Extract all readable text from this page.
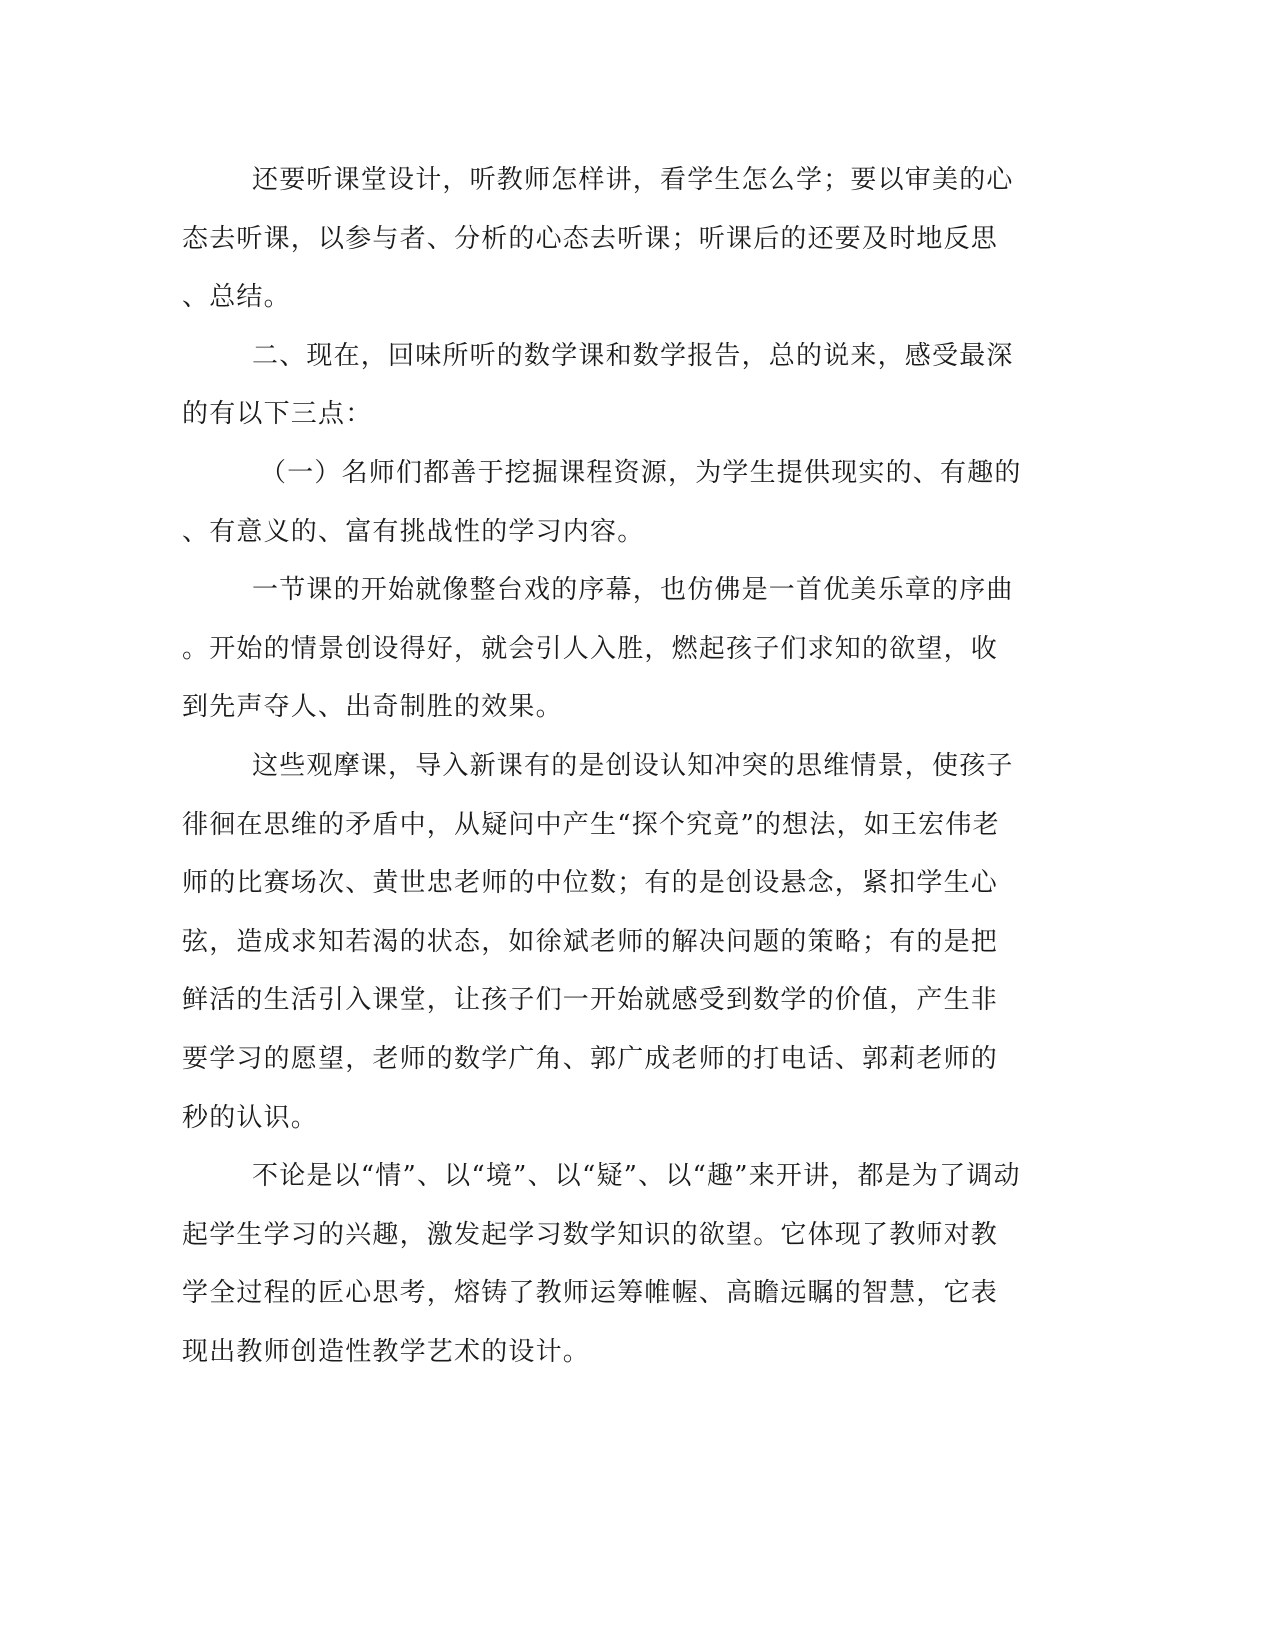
还要听课堂设计，听教师怎样讲，看学生怎么学；要以审美的心
态去听课，以参与者、分析的心态去听课；听课后的还要及时地反思
、总结。
二、现在，回味所听的数学课和数学报告，总的说来，感受最深
的有以下三点：
（一）名师们都善于挖掘课程资源，为学生提供现实的、有趣的
、有意义的、富有挑战性的学习内容。
一节课的开始就像整台戏的序幕，也仿佛是一首优美乐章的序曲
。开始的情景创设得好，就会引人入胜，燃起孩子们求知的欲望，收
到先声夺人、出奇制胜的效果。
这些观摩课，导入新课有的是创设认知冲突的思维情景，使孩子
徘徊在思维的矛盾中，从疑问中产生“探个究竟”的想法，如王宏伟老
师的比赛场次、黄世忠老师的中位数；有的是创设悬念，紧扣学生心
弦，造成求知若渴的状态，如徐斌老师的解决问题的策略；有的是把
鲜活的生活引入课堂，让孩子们一开始就感受到数学的价值，产生非
要学习的愿望，老师的数学广角、郭广成老师的打电话、郭莉老师的
秒的认识。
不论是以“情”、以“境”、以“疑”、以“趣”来开讲，都是为了调动
起学生学习的兴趣，激发起学习数学知识的欲望。它体现了教师对教
学全过程的匠心思考，熔铸了教师运筹帷幄、高瞻远瞩的智慧，它表
现出教师创造性教学艺术的设计。
